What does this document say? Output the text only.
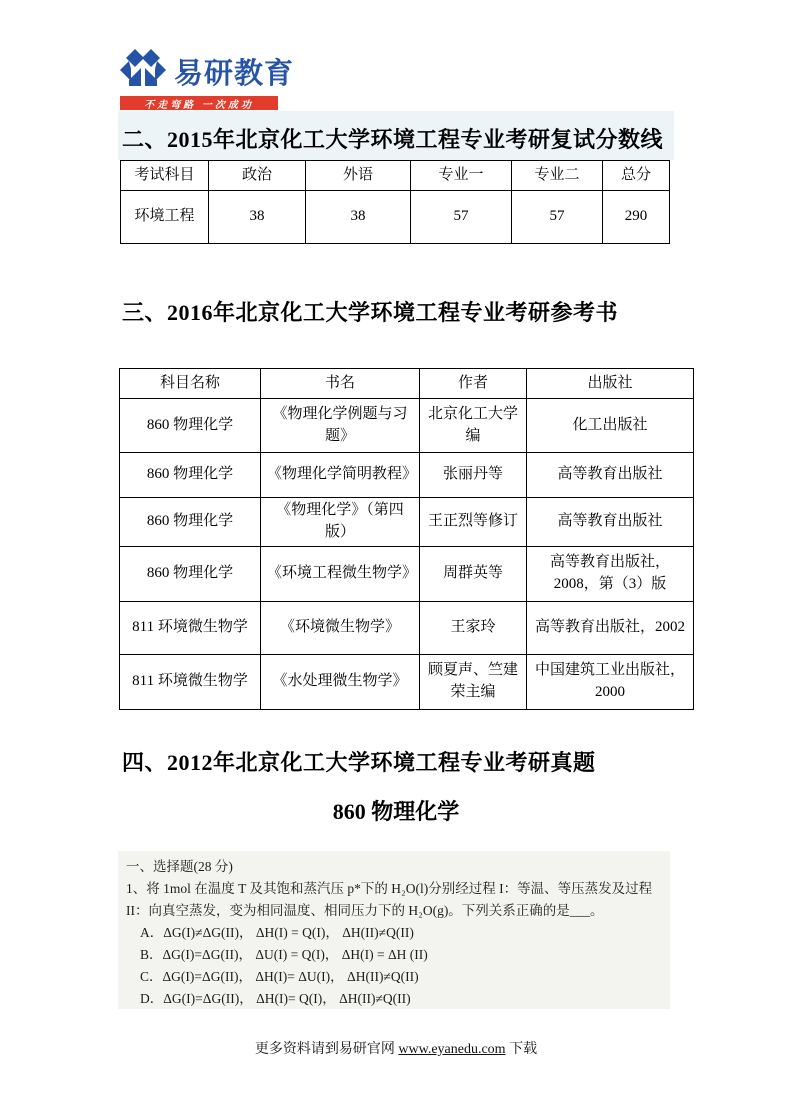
易研教育
不走弯路 一次成功
二、2015年北京化工大学环境工程专业考研复试分数线
考试科目	政治	外语	专业一	专业二	总分
环境工程	38	38	57	57	290
三、2016年北京化工大学环境工程专业考研参考书
科目名称	书名	作者	出版社
860 物理化学	《物理化学例题与习题》	北京化工大学编	化工出版社
860 物理化学	《物理化学简明教程》	张丽丹等	高等教育出版社
860 物理化学	《物理化学》（第四版）	王正烈等修订	高等教育出版社
860 物理化学	《环境工程微生物学》	周群英等	高等教育出版社，2008，第（3）版
811 环境微生物学	《环境微生物学》	王家玲	高等教育出版社，2002
811 环境微生物学	《水处理微生物学》	顾夏声、竺建荣主编	中国建筑工业出版社，2000
四、2012年北京化工大学环境工程专业考研真题
860 物理化学
一、选择题(28 分)
1、将 1mol 在温度 T 及其饱和蒸汽压 p*下的 H₂O(l)分别经过程 I：等温、等压蒸发及过程
II：向真空蒸发，变为相同温度、相同压力下的 H₂O(g)。下列关系正确的是___。
A．ΔG(I)≠ΔG(II)， ΔH(I) = Q(I)， ΔH(II)≠Q(II)
B．ΔG(I)=ΔG(II)， ΔU(I) = Q(I)， ΔH(I) = ΔH (II)
C．ΔG(I)=ΔG(II)， ΔH(I)= ΔU(I)， ΔH(II)≠Q(II)
D．ΔG(I)=ΔG(II)， ΔH(I)= Q(I)， ΔH(II)≠Q(II)
更多资料请到易研官网 www.eyanedu.com 下载
